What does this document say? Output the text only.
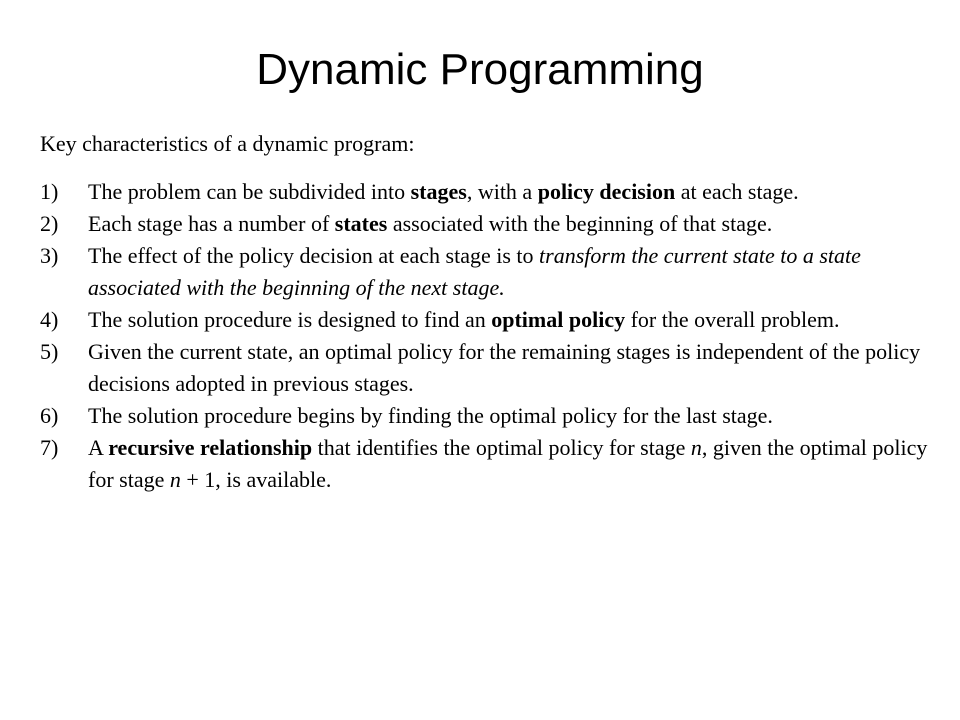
Dynamic Programming

Key characteristics of a dynamic program:

1)	The problem can be subdivided into stages, with a policy decision at each stage.
2)	Each stage has a number of states associated with the beginning of that stage.
3)	The effect of the policy decision at each stage is to transform the current state to a state associated with the beginning of the next stage.
4)	The solution procedure is designed to find an optimal policy for the overall problem.
5)	Given the current state, an optimal policy for the remaining stages is independent of the policy decisions adopted in previous stages.
6)	The solution procedure begins by finding the optimal policy for the last stage.
7)	A recursive relationship that identifies the optimal policy for stage n, given the optimal policy for stage n + 1, is available.
